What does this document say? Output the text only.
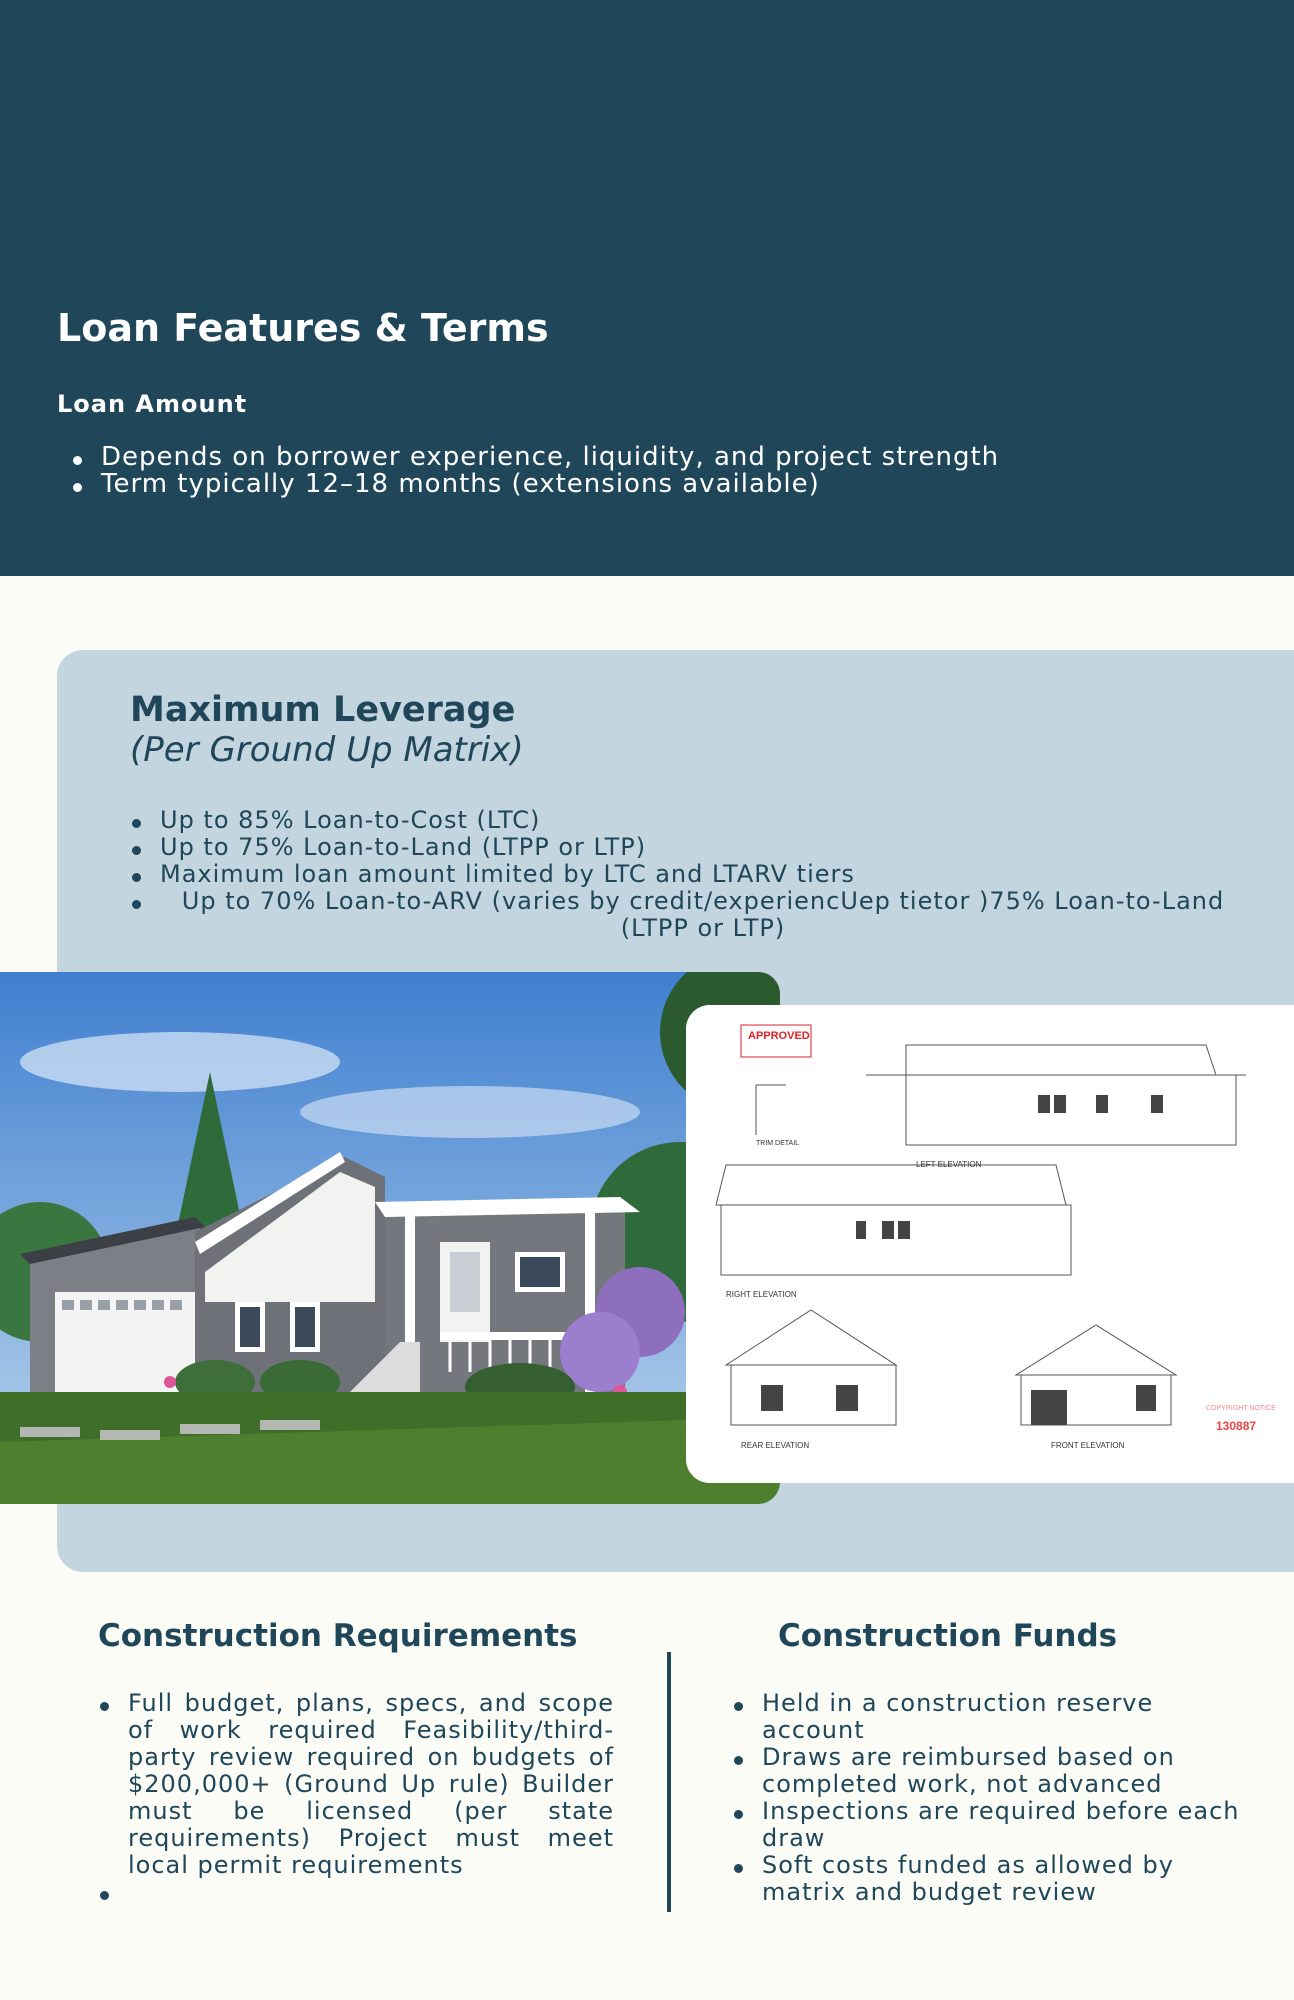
Loan Features & Terms
Loan Amount
Depends on borrower experience, liquidity, and project strength
Term typically 12–18 months (extensions available)
Maximum Leverage

(Per Ground Up Matrix)

Up to 85% Loan-to-Cost (LTC)
Up to 75% Loan-to-Land (LTPP or LTP)
Maximum loan amount limited by LTC and LTARV tiers
Up to 70% Loan-to-ARV (varies by credit/experiencUep tietor )75% Loan-to-Land (LTPP or LTP)
APPROVED
LEFT ELEVATION
RIGHT ELEVATION
REAR ELEVATION	FRONT ELEVATION
TRIM DETAIL
COPYRIGHT NOTICE
130887
Construction Requirements
Full budget, plans, specs, and scope of work required Feasibility/third-party review required on budgets of $200,000+ (Ground Up rule) Builder must be licensed (per state requirements) Project must meet local permit requirements
Construction Funds
Held in a construction reserve account
Draws are reimbursed based on completed work, not advanced
Inspections are required before each draw
Soft costs funded as allowed by matrix and budget review
